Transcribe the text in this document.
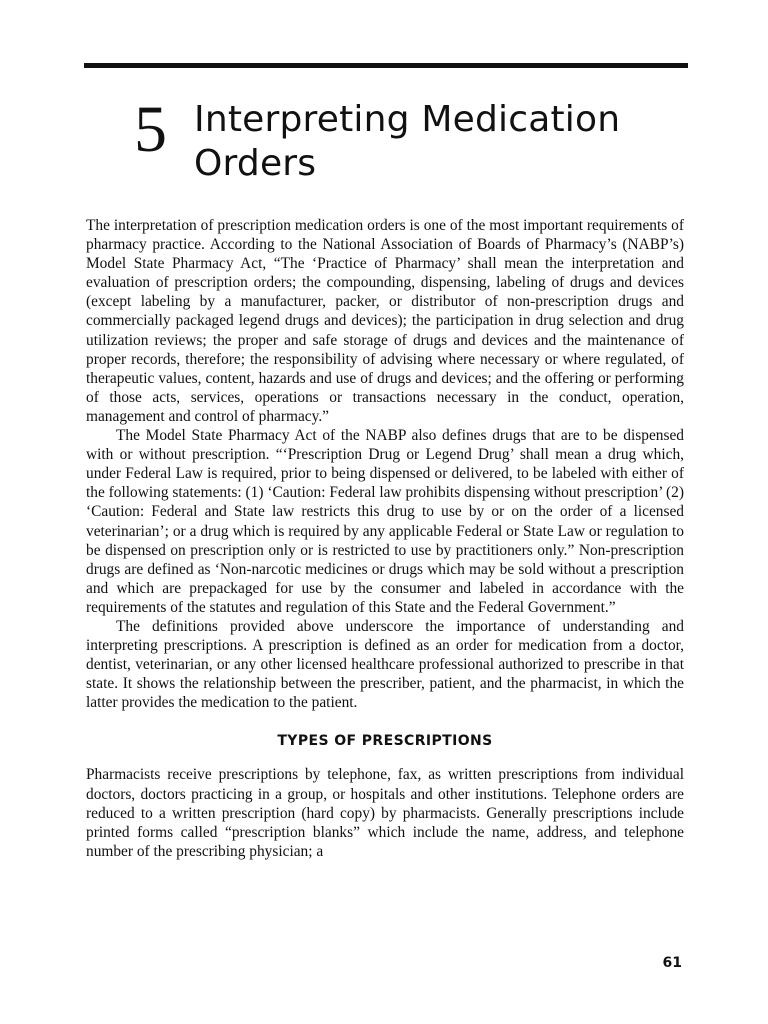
5 Interpreting Medication Orders

The interpretation of prescription medication orders is one of the most important requirements of pharmacy practice. According to the National Association of Boards of Pharmacy’s (NABP’s) Model State Pharmacy Act, “The ‘Practice of Pharmacy’ shall mean the interpretation and evaluation of prescription orders; the compounding, dispensing, labeling of drugs and devices (except labeling by a manufacturer, packer, or distributor of non-prescription drugs and commercially packaged legend drugs and devices); the participation in drug selection and drug utilization reviews; the proper and safe storage of drugs and devices and the maintenance of proper records, therefore; the responsibility of advising where necessary or where regulated, of therapeutic values, content, hazards and use of drugs and devices; and the offering or performing of those acts, services, operations or transactions necessary in the conduct, operation, management and control of pharmacy.”

The Model State Pharmacy Act of the NABP also defines drugs that are to be dispensed with or without prescription. “‘Prescription Drug or Legend Drug’ shall mean a drug which, under Federal Law is required, prior to being dispensed or delivered, to be labeled with either of the following statements: (1) ‘Caution: Federal law prohibits dispensing without prescription’ (2) ‘Caution: Federal and State law restricts this drug to use by or on the order of a licensed veterinarian’; or a drug which is required by any applicable Federal or State Law or regulation to be dispensed on prescription only or is restricted to use by practitioners only.” Non-prescription drugs are defined as ‘Non-narcotic medicines or drugs which may be sold without a prescription and which are prepackaged for use by the consumer and labeled in accordance with the requirements of the statutes and regulation of this State and the Federal Government.”

The definitions provided above underscore the importance of understanding and interpreting prescriptions. A prescription is defined as an order for medication from a doctor, dentist, veterinarian, or any other licensed healthcare professional authorized to prescribe in that state. It shows the relationship between the prescriber, patient, and the pharmacist, in which the latter provides the medication to the patient.

TYPES OF PRESCRIPTIONS

Pharmacists receive prescriptions by telephone, fax, as written prescriptions from individual doctors, doctors practicing in a group, or hospitals and other institutions. Telephone orders are reduced to a written prescription (hard copy) by pharmacists. Generally prescriptions include printed forms called “prescription blanks” which include the name, address, and telephone number of the prescribing physician; a

61
